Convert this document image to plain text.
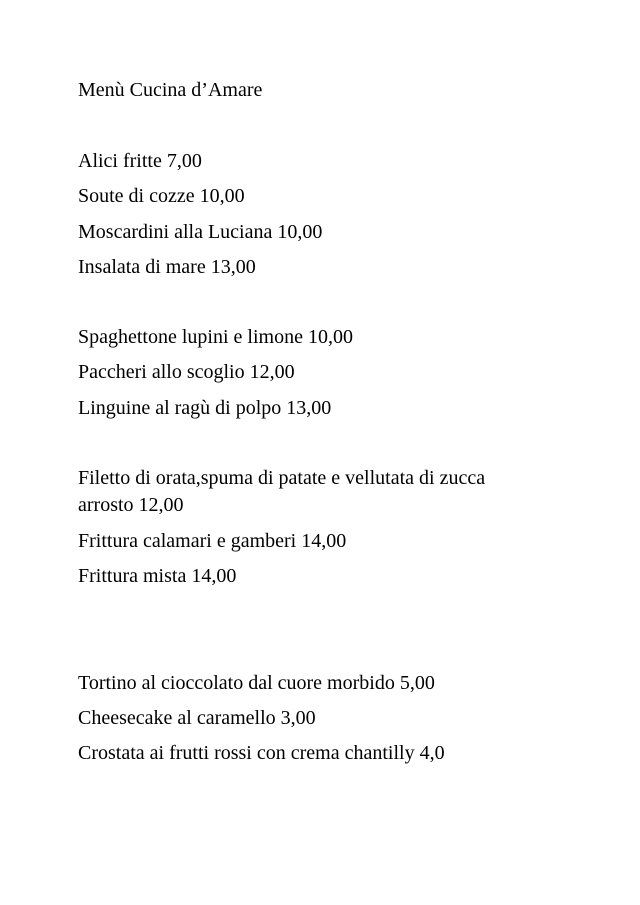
Menù Cucina d’Amare
Alici fritte 7,00
Soute di cozze 10,00
Moscardini alla Luciana 10,00
Insalata di mare 13,00
Spaghettone lupini e limone 10,00
Paccheri allo scoglio 12,00
Linguine al ragù di polpo 13,00
Filetto di orata,spuma di patate e vellutata di zucca arrosto 12,00
Frittura calamari e gamberi 14,00
Frittura mista 14,00
Tortino al cioccolato dal cuore morbido 5,00
Cheesecake al caramello 3,00
Crostata ai frutti rossi con crema chantilly 4,0
